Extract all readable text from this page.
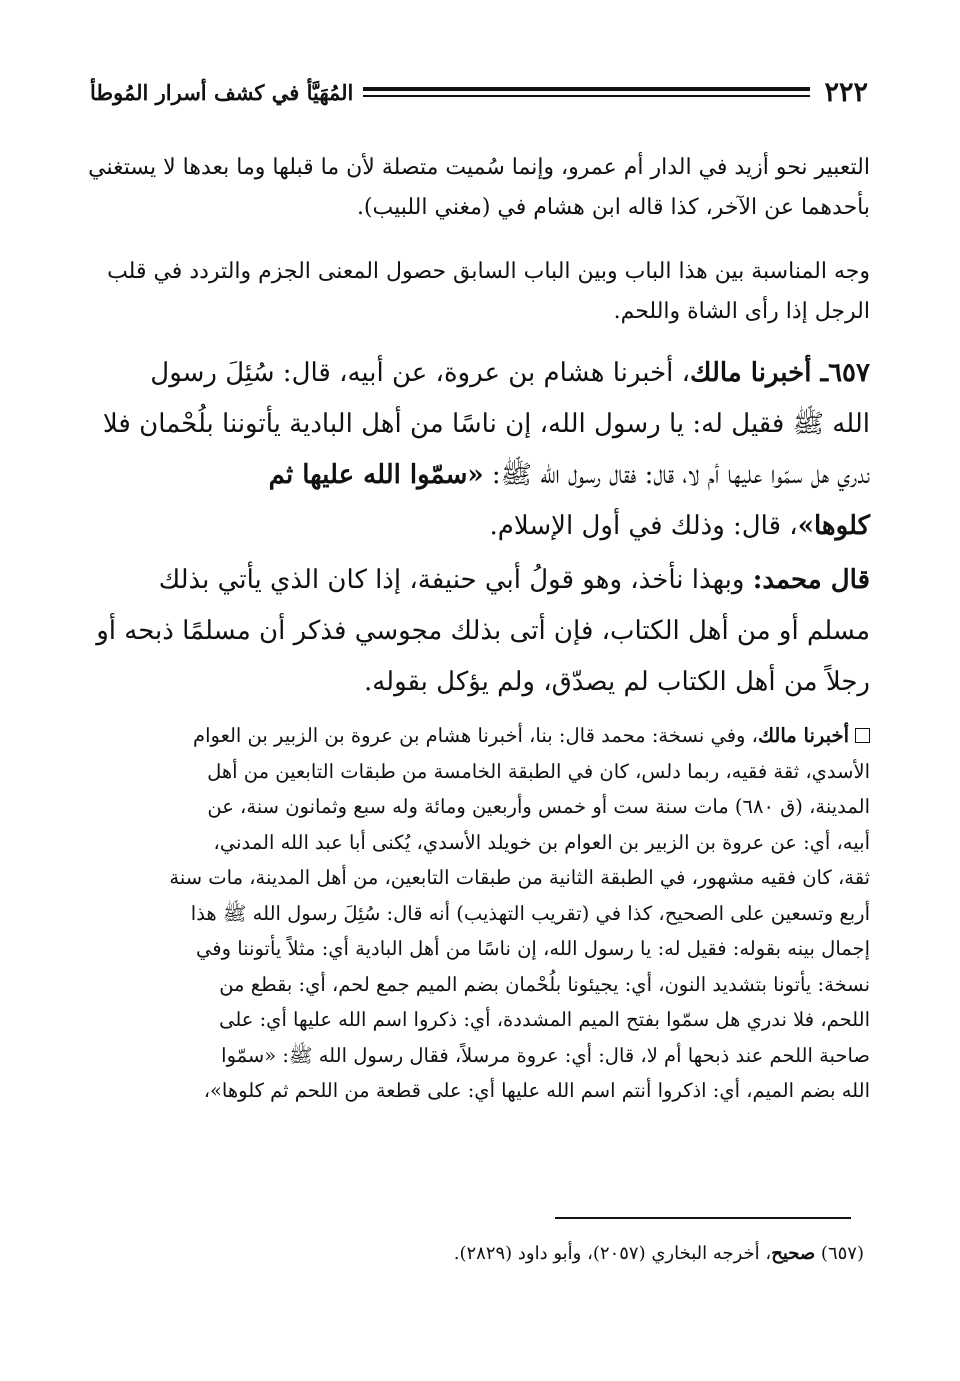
٢٢٢
المُهَيَّأ في كشف أسرار المُوطأ

التعبير نحو أزيد في الدار أم عمرو، وإنما سُميت متصلة لأن ما قبلها وما بعدها لا يستغني
بأحدهما عن الآخر، كذا قاله ابن هشام في (مغني اللبيب).

وجه المناسبة بين هذا الباب وبين الباب السابق حصول المعنى الجزم والتردد في قلب
الرجل إذا رأى الشاة واللحم.

٦٥٧ـ أخبرنا مالك، أخبرنا هشام بن عروة، عن أبيه، قال: سُئِلَ رسول
الله ﷺ فقيل له: يا رسول الله، إن ناسًا من أهل البادية يأتوننا بلُحْمان فلا
ندري هل سمّوا عليها أم لا، قال: فقال رسول الله ﷺ: «سمّوا الله عليها ثم
كلوها»، قال: وذلك في أول الإسلام.

قال محمد: وبهذا نأخذ، وهو قولُ أبي حنيفة، إذا كان الذي يأتي بذلك
مسلم أو من أهل الكتاب، فإن أتى بذلك مجوسي فذكر أن مسلمًا ذبحه أو
رجلاً من أهل الكتاب لم يصدّق، ولم يؤكل بقوله.

أخبرنا مالك، وفي نسخة: محمد قال: بنا، أخبرنا هشام بن عروة بن الزبير بن العوام
الأسدي، ثقة فقيه، ربما دلس، كان في الطبقة الخامسة من طبقات التابعين من أهل
المدينة، (ق ٦٨٠) مات سنة ست أو خمس وأربعين ومائة وله سبع وثمانون سنة، عن
أبيه، أي: عن عروة بن الزبير بن العوام بن خويلد الأسدي، يُكنى أبا عبد الله المدني،
ثقة، كان فقيه مشهور، في الطبقة الثانية من طبقات التابعين، من أهل المدينة، مات سنة
أربع وتسعين على الصحيح، كذا في (تقريب التهذيب) أنه قال: سُئِلَ رسول الله ﷺ هذا
إجمال بينه بقوله: فقيل له: يا رسول الله، إن ناسًا من أهل البادية أي: مثلاً يأتوننا وفي
نسخة: يأتونا بتشديد النون، أي: يجيئونا بلُحْمان بضم الميم جمع لحم، أي: بقطع من
اللحم، فلا ندري هل سمّوا بفتح الميم المشددة، أي: ذكروا اسم الله عليها أي: على
صاحبة اللحم عند ذبحها أم لا، قال: أي: عروة مرسلاً، فقال رسول الله ﷺ: «سمّوا
الله بضم الميم، أي: اذكروا أنتم اسم الله عليها أي: على قطعة من اللحم ثم كلوها»،

(٦٥٧) صحيح، أخرجه البخاري (٢٠٥٧)، وأبو داود (٢٨٢٩).
